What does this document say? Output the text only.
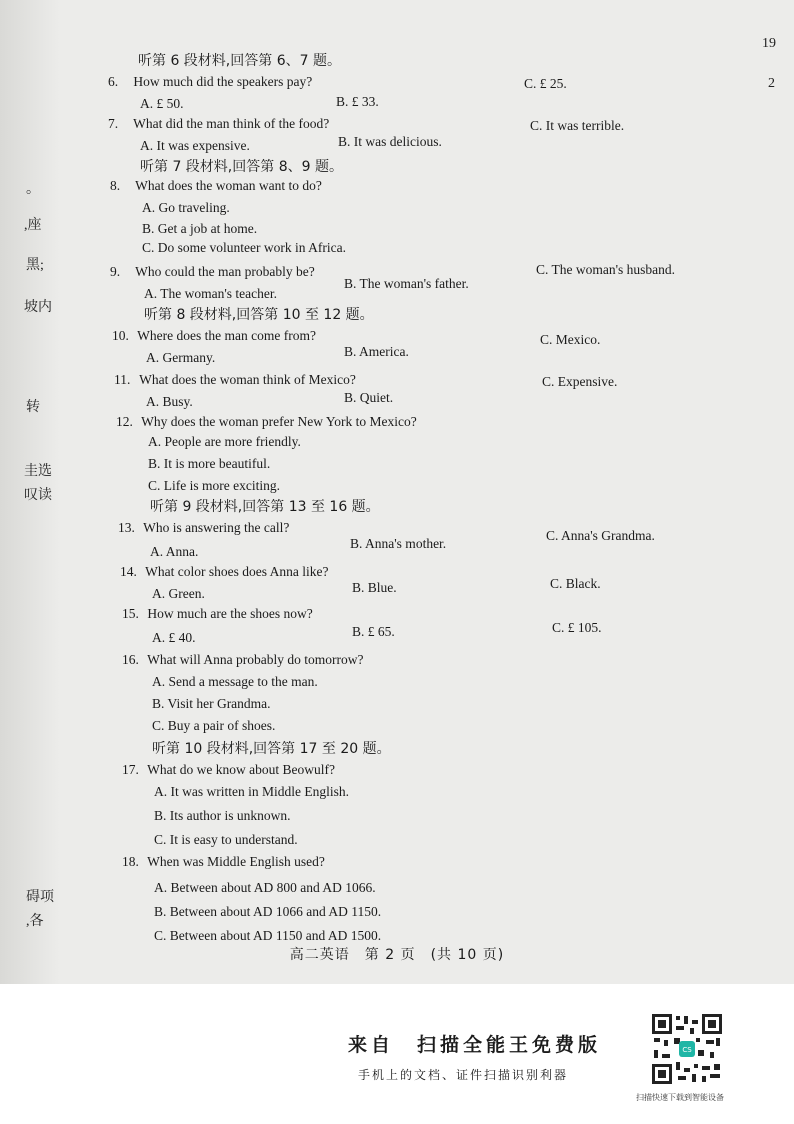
。
,座
黑;
坡内
转
圭选
叹读
碍项
,各
19
2
听第 6 段材料,回答第 6、7 题。
6. How much did the speakers pay?
A. £ 50.	B. £ 33.
C. £ 25.
7. What did the man think of the food?
A. It was expensive.	B. It was delicious.
C. It was terrible.
听第 7 段材料,回答第 8、9 题。
8. What does the woman want to do?
A. Go traveling.
B. Get a job at home.
C. Do some volunteer work in Africa.
9. Who could the man probably be?
A. The woman's teacher.
B. The woman's father.
C. The woman's husband.
听第 8 段材料,回答第 10 至 12 题。
10. Where does the man come from?
A. Germany.	B. America.
C. Mexico.
11. What does the woman think of Mexico?
A. Busy.	B. Quiet.
C. Expensive.
12. Why does the woman prefer New York to Mexico?
A. People are more friendly.
B. It is more beautiful.
C. Life is more exciting.
听第 9 段材料,回答第 13 至 16 题。
13. Who is answering the call?
A. Anna.
B. Anna's mother.
C. Anna's Grandma.
14. What color shoes does Anna like?
A. Green.	B. Blue.	C. Black.
15. How much are the shoes now?
A. £ 40.	B. £ 65.	C. £ 105.
16. What will Anna probably do tomorrow?
A. Send a message to the man.
B. Visit her Grandma.
C. Buy a pair of shoes.
听第 10 段材料,回答第 17 至 20 题。
17. What do we know about Beowulf?
A. It was written in Middle English.
B. Its author is unknown.
C. It is easy to understand.
18. When was Middle English used?
A. Between about AD 800 and AD 1066.
B. Between about AD 1066 and AD 1150.
C. Between about AD 1150 and AD 1500.
高二英语　第 2 页　(共 10 页)
来自　扫描全能王免费版
手机上的文档、证件扫描识别利器
CS
扫描快速下载到智能设备
